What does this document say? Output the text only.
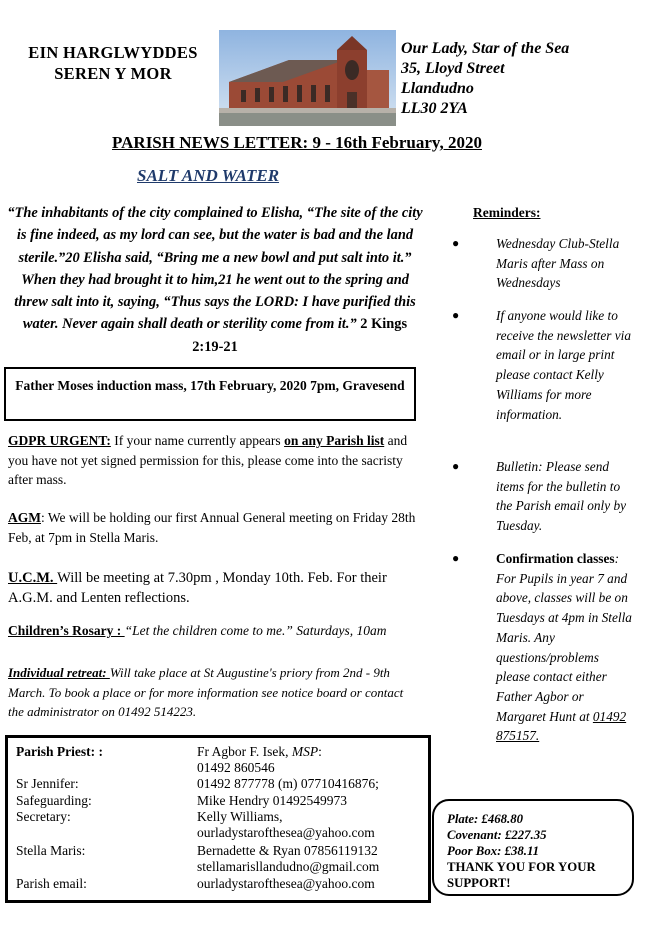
EIN HARGLWYDDES
SEREN Y MOR
Our Lady, Star of the Sea
35, Lloyd Street
Llandudno
LL30 2YA
PARISH NEWS LETTER: 9 - 16th February, 2020
SALT AND WATER
“The inhabitants of the city complained to Elisha, “The site of the city is fine indeed, as my lord can see, but the water is bad and the land sterile.”20 Elisha said, “Bring me a new bowl and put salt into it.” When they had brought it to him,21 he went out to the spring and threw salt into it, saying, “Thus says the LORD: I have purified this water. Never again shall death or sterility come from it.” 2 Kings 2:19-21
Father Moses induction mass, 17th February, 2020 7pm, Gravesend
GDPR URGENT: If your name currently appears on any Parish list and you have not yet signed permission for this, please come into the sacristy after mass.
AGM: We will be holding our first Annual General meeting on Friday 28th Feb, at 7pm in Stella Maris.
U.C.M. Will be meeting at 7.30pm , Monday 10th. Feb. For their A.G.M. and Lenten reflections.
Children’s Rosary : “Let the children come to me.” Saturdays, 10am
Individual retreat: Will take place at St Augustine's priory from 2nd - 9th March. To book a place or for more information see notice board or contact the administrator on 01492 514223.
Parish Priest: :	Fr Agbor F. Isek, MSP:
01492 860546
Sr Jennifer:	01492 877778 (m) 07710416876;
Safeguarding:	Mike Hendry 01492549973
Secretary:	Kelly Williams,
ourladystarofthesea@yahoo.com
Stella Maris:	Bernadette & Ryan 07856119132
stellamarisllandudno@gmail.com
Parish email:	ourladystarofthesea@yahoo.com
Reminders:
●	Wednesday Club-Stella Maris after Mass on Wednesdays
●	If anyone would like to receive the newsletter via email or in large print please contact Kelly Williams for more information.
●	Bulletin: Please send items for the bulletin to the Parish email only by Tuesday.
●	Confirmation classes: For Pupils in year 7 and above, classes will be on Tuesdays at 4pm in Stella Maris. Any questions/problems please contact either Father Agbor or Margaret Hunt at 01492 875157.
Plate: £468.80
Covenant: £227.35
Poor Box: £38.11
THANK YOU FOR YOUR SUPPORT!
